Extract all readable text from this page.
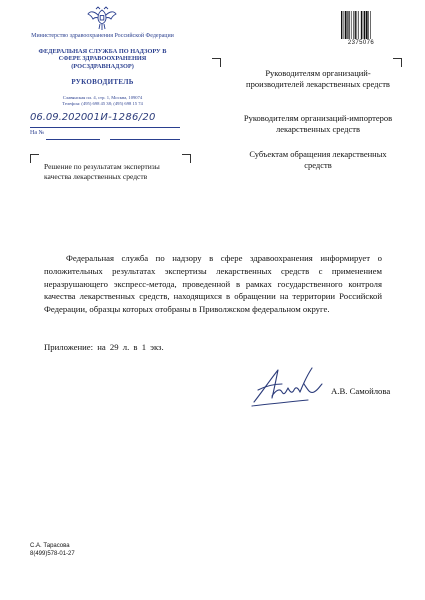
Министерство здравоохранения Российской Федерации
ФЕДЕРАЛЬНАЯ СЛУЖБА ПО НАДЗОРУ В СФЕРЕ ЗДРАВООХРАНЕНИЯ (РОСЗДРАВНАДЗОР)
РУКОВОДИТЕЛЬ
Славянская пл. 4, стр. 1, Москва, 109074
Телефон: (495) 698 45 38; (495) 698 15 74
06.09.2020 01И-1286/20
На №
2375076
Руководителям организаций-производителей лекарственных средств
Руководителям организаций-импортеров лекарственных средств
Субъектам обращения лекарственных средств
Решение по результатам экспертизы качества лекарственных средств
Федеральная служба по надзору в сфере здравоохранения информирует о положительных результатах экспертизы лекарственных средств с применением неразрушающего экспресс-метода, проведенной в рамках государственного контроля качества лекарственных средств, находящихся в обращении на территории Российской Федерации, образцы которых отобраны в Приволжском федеральном округе.
Приложение: на 29 л. в 1 экз.
А.В. Самойлова
С.А. Тарасова
8(499)578-01-27
